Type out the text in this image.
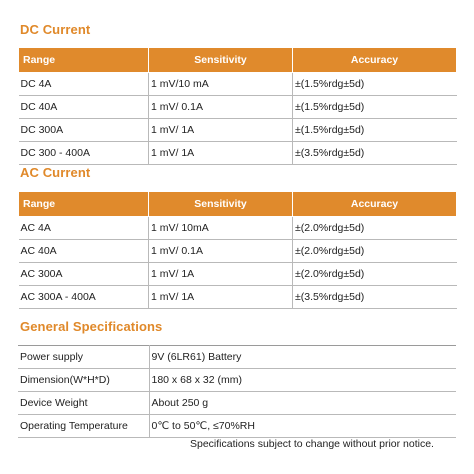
DC Current
Range	Sensitivity	Accuracy
DC 4A	1 mV/10 mA	±(1.5%rdg±5d)
DC 40A	1 mV/ 0.1A	±(1.5%rdg±5d)
DC 300A	1 mV/ 1A	±(1.5%rdg±5d)
DC 300 - 400A	1 mV/ 1A	±(3.5%rdg±5d)
AC Current
Range	Sensitivity	Accuracy
AC 4A	1 mV/ 10mA	±(2.0%rdg±5d)
AC 40A	1 mV/ 0.1A	±(2.0%rdg±5d)
AC 300A	1 mV/ 1A	±(2.0%rdg±5d)
AC 300A - 400A	1 mV/ 1A	±(3.5%rdg±5d)
General Specifications
Power supply	9V (6LR61) Battery
Dimension(W*H*D)	180 x 68 x 32 (mm)
Device Weight	About 250 g
Operating Temperature	0℃ to 50℃, ≤70%RH
Specifications subject to change without prior notice.
